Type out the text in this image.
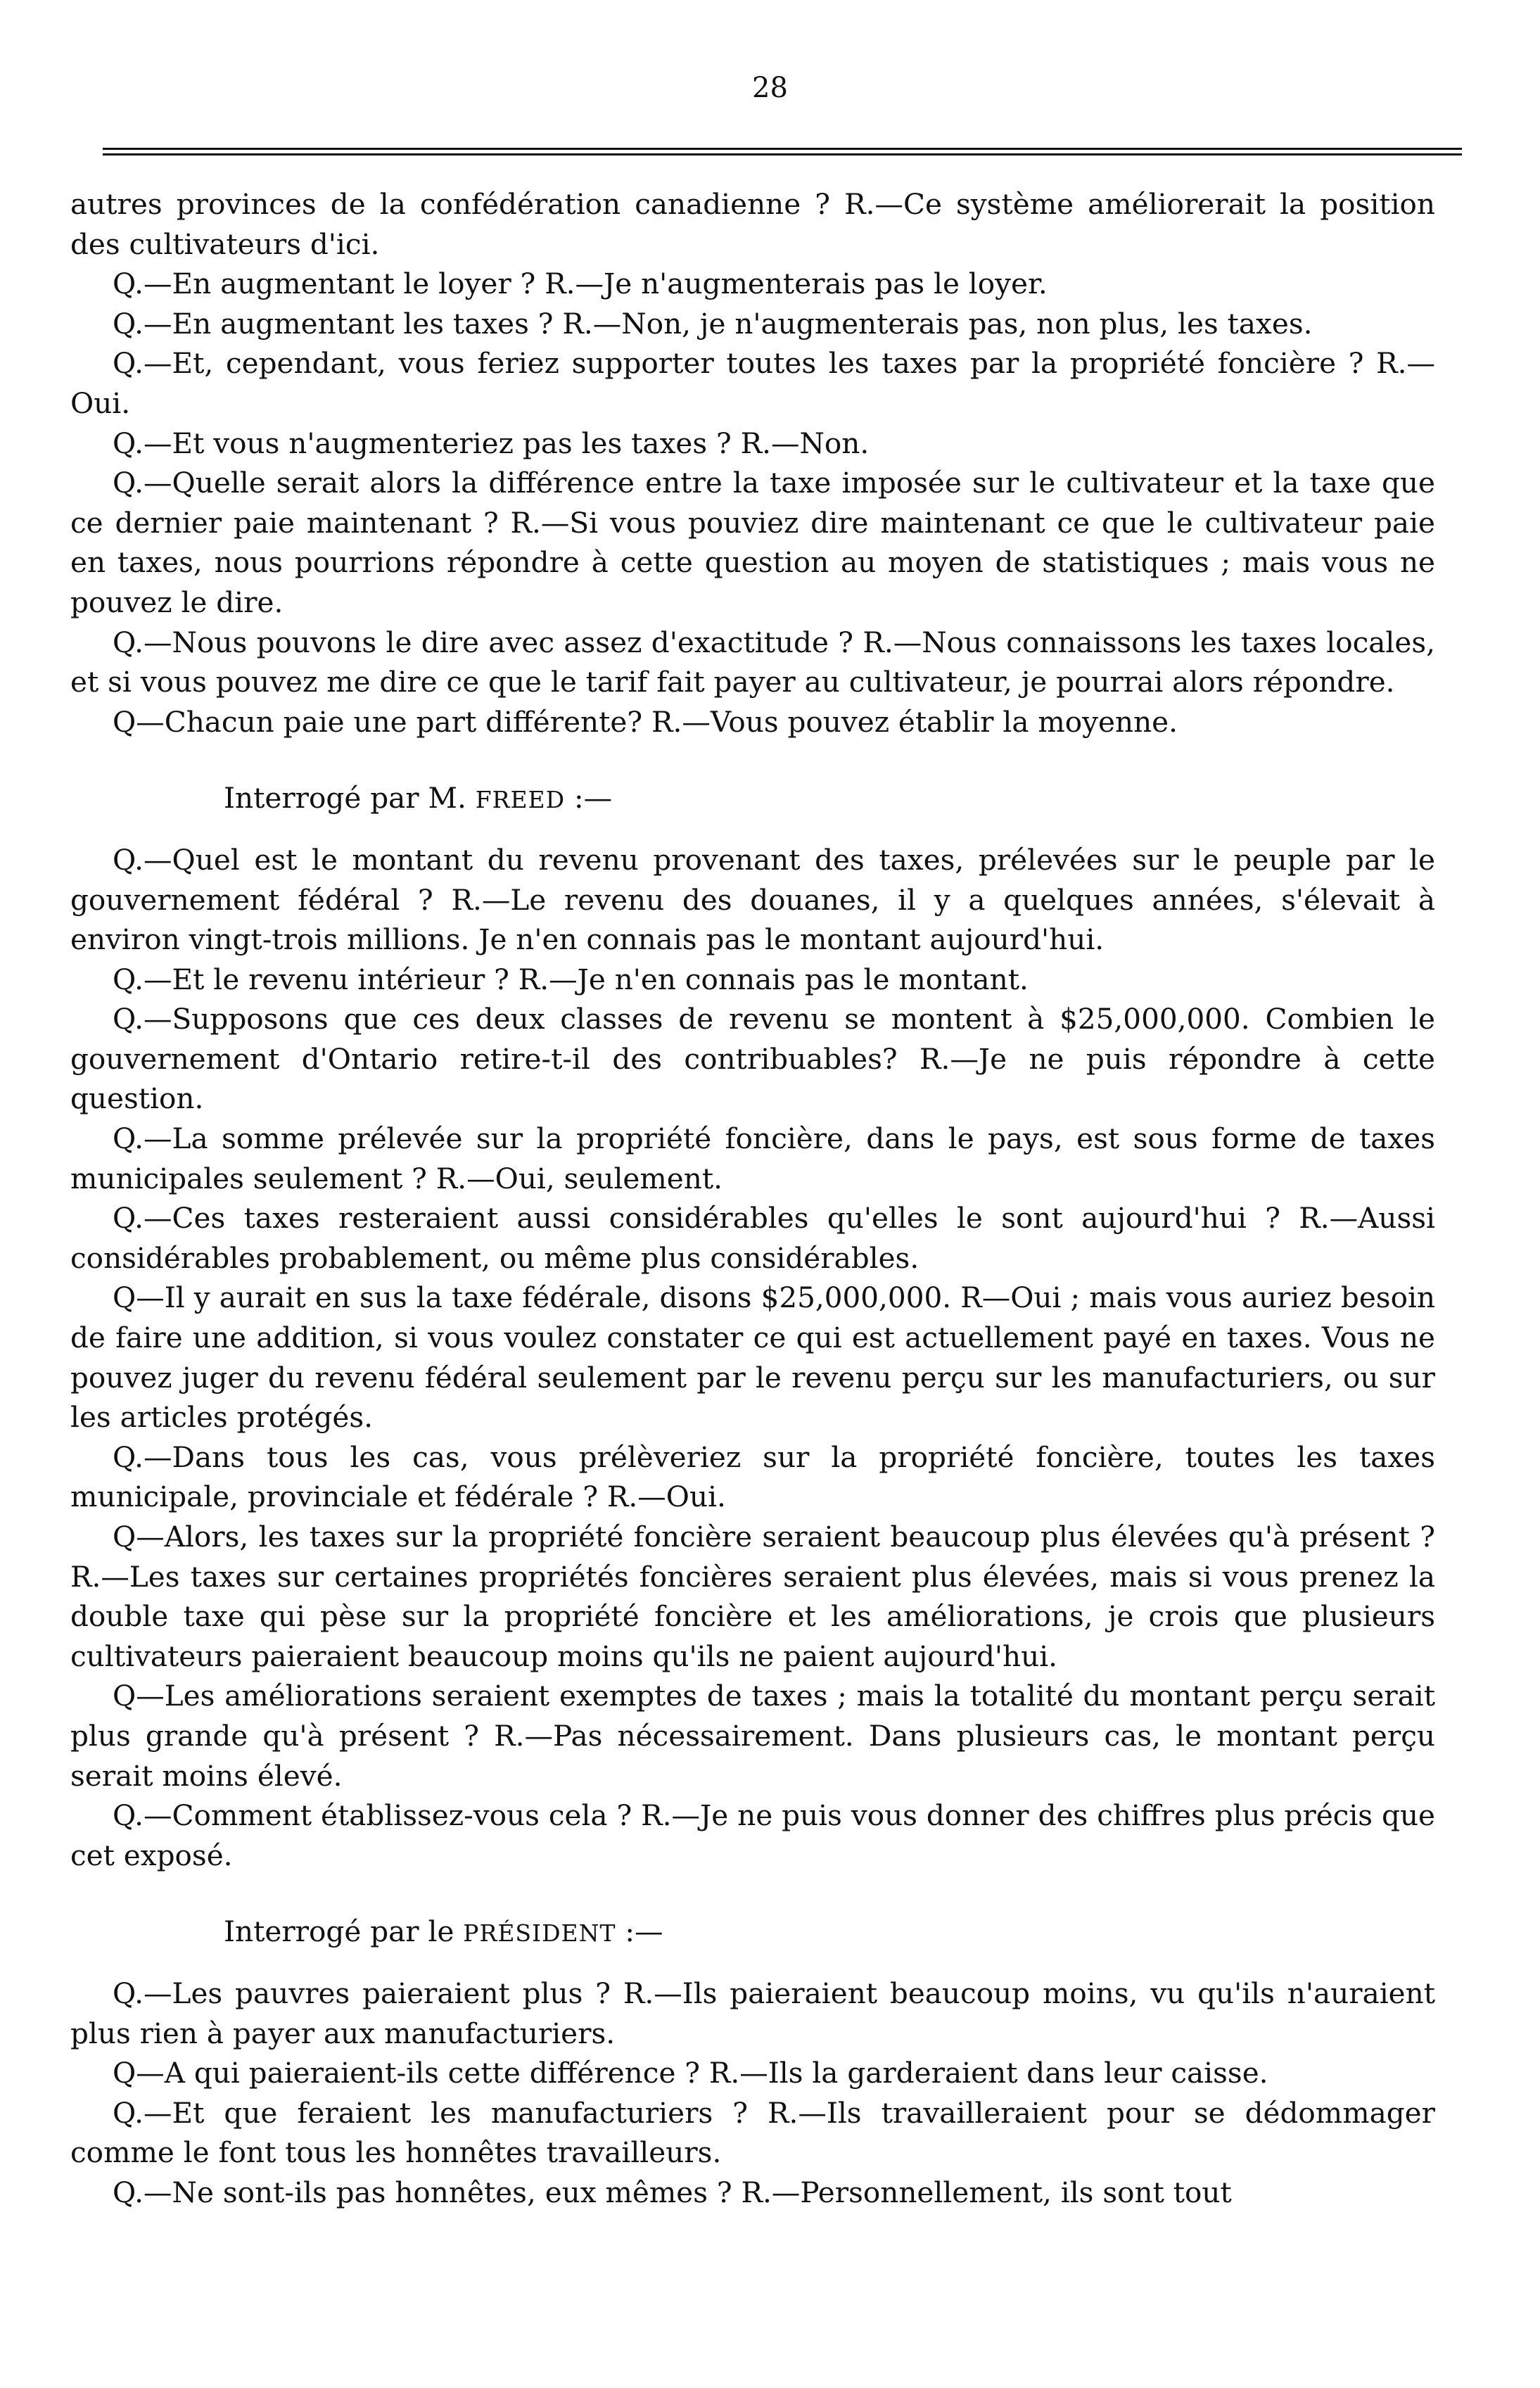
28

autres provinces de la confédération canadienne ? R.—Ce système améliorerait la position des cultivateurs d'ici.

Q.—En augmentant le loyer ? R.—Je n'augmenterais pas le loyer.

Q.—En augmentant les taxes ? R.—Non, je n'augmenterais pas, non plus, les taxes.

Q.—Et, cependant, vous feriez supporter toutes les taxes par la propriété foncière ? R.—Oui.

Q.—Et vous n'augmenteriez pas les taxes ? R.—Non.

Q.—Quelle serait alors la différence entre la taxe imposée sur le cultivateur et la taxe que ce dernier paie maintenant ? R.—Si vous pouviez dire maintenant ce que le cultivateur paie en taxes, nous pourrions répondre à cette question au moyen de statistiques ; mais vous ne pouvez le dire.

Q.—Nous pouvons le dire avec assez d'exactitude ? R.—Nous connaissons les taxes locales, et si vous pouvez me dire ce que le tarif fait payer au cultivateur, je pourrai alors répondre.

Q—Chacun paie une part différente? R.—Vous pouvez établir la moyenne.

Interrogé par M. FREED :—

Q.—Quel est le montant du revenu provenant des taxes, prélevées sur le peuple par le gouvernement fédéral ? R.—Le revenu des douanes, il y a quelques années, s'élevait à environ vingt-trois millions. Je n'en connais pas le montant aujourd'hui.

Q.—Et le revenu intérieur ? R.—Je n'en connais pas le montant.

Q.—Supposons que ces deux classes de revenu se montent à $25,000,000. Combien le gouvernement d'Ontario retire-t-il des contribuables? R.—Je ne puis répondre à cette question.

Q.—La somme prélevée sur la propriété foncière, dans le pays, est sous forme de taxes municipales seulement ? R.—Oui, seulement.

Q.—Ces taxes resteraient aussi considérables qu'elles le sont aujourd'hui ? R.—Aussi considérables probablement, ou même plus considérables.

Q—Il y aurait en sus la taxe fédérale, disons $25,000,000. R—Oui ; mais vous auriez besoin de faire une addition, si vous voulez constater ce qui est actuellement payé en taxes. Vous ne pouvez juger du revenu fédéral seulement par le revenu perçu sur les manufacturiers, ou sur les articles protégés.

Q.—Dans tous les cas, vous prélèveriez sur la propriété foncière, toutes les taxes municipale, provinciale et fédérale ? R.—Oui.

Q—Alors, les taxes sur la propriété foncière seraient beaucoup plus élevées qu'à présent ? R.—Les taxes sur certaines propriétés foncières seraient plus élevées, mais si vous prenez la double taxe qui pèse sur la propriété foncière et les améliorations, je crois que plusieurs cultivateurs paieraient beaucoup moins qu'ils ne paient aujourd'hui.

Q—Les améliorations seraient exemptes de taxes ; mais la totalité du montant perçu serait plus grande qu'à présent ? R.—Pas nécessairement. Dans plusieurs cas, le montant perçu serait moins élevé.

Q.—Comment établissez-vous cela ? R.—Je ne puis vous donner des chiffres plus précis que cet exposé.

Interrogé par le PRÉSIDENT :—

Q.—Les pauvres paieraient plus ? R.—Ils paieraient beaucoup moins, vu qu'ils n'auraient plus rien à payer aux manufacturiers.

Q—A qui paieraient-ils cette différence ? R.—Ils la garderaient dans leur caisse.

Q.—Et que feraient les manufacturiers ? R.—Ils travailleraient pour se dédommager comme le font tous les honnêtes travailleurs.

Q.—Ne sont-ils pas honnêtes, eux mêmes ? R.—Personnellement, ils sont tout
